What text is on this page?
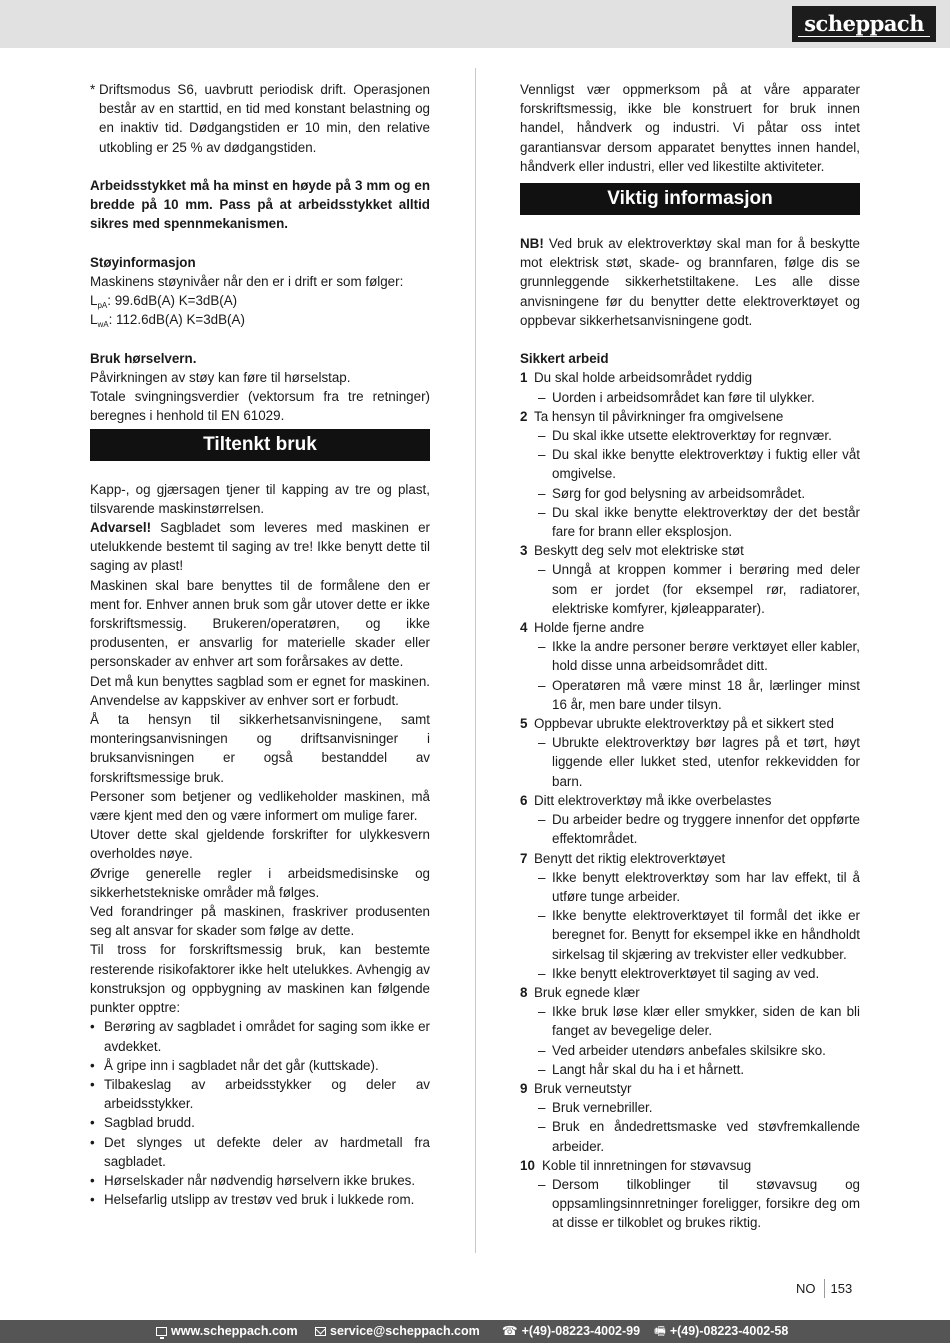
scheppach
* Driftsmodus S6, uavbrutt periodisk drift. Operasjonen består av en starttid, en tid med konstant belastning og en inaktiv tid. Dødgangstiden er 10 min, den relative utkobling er 25 % av dødgangstiden.
Arbeidsstykket må ha minst en høyde på 3 mm og en bredde på 10 mm. Pass på at arbeidsstykket alltid sikres med spennmekanismen.
Støyinformasjon
Maskinens støynivåer når den er i drift er som følger:
$L_{pA}$: 99.6dB(A) K=3dB(A)
$L_{wA}$: 112.6dB(A) K=3dB(A)
Bruk hørselvern.
Påvirkningen av støy kan føre til hørselstap.
Totale svingningsverdier (vektorsum fra tre retninger) beregnes i henhold til EN 61029.
Tiltenkt bruk
Kapp-, og gjærsagen tjener til kapping av tre og plast, tilsvarende maskinstørrelsen.
Advarsel! Sagbladet som leveres med maskinen er utelukkende bestemt til saging av tre! Ikke benytt dette til saging av plast!
Maskinen skal bare benyttes til de formålene den er ment for. Enhver annen bruk som går utover dette er ikke forskriftsmessig. Brukeren/operatøren, og ikke produsenten, er ansvarlig for materielle skader eller personskader av enhver art som forårsakes av dette.
Det må kun benyttes sagblad som er egnet for maskinen. Anvendelse av kappskiver av enhver sort er forbudt.
Å ta hensyn til sikkerhetsanvisningene, samt monteringsanvisningen og driftsanvisninger i bruksanvisningen er også bestanddel av forskriftsmessige bruk.
Personer som betjener og vedlikeholder maskinen, må være kjent med den og være informert om mulige farer.
Utover dette skal gjeldende forskrifter for ulykkesvern overholdes nøye.
Øvrige generelle regler i arbeidsmedisinske og sikkerhetstekniske områder må følges.
Ved forandringer på maskinen, fraskriver produsenten seg alt ansvar for skader som følge av dette.
Til tross for forskriftsmessig bruk, kan bestemte resterende risikofaktorer ikke helt utelukkes. Avhengig av konstruksjon og oppbygning av maskinen kan følgende punkter opptre:
• Berøring av sagbladet i området for saging som ikke er avdekket.
• Å gripe inn i sagbladet når det går (kuttskade).
• Tilbakeslag av arbeidsstykker og deler av arbeidsstykker.
• Sagblad brudd.
• Det slynges ut defekte deler av hardmetall fra sagbladet.
• Hørselskader når nødvendig hørselvern ikke brukes.
• Helsefarlig utslipp av trestøv ved bruk i lukkede rom.
Vennligst vær oppmerksom på at våre apparater forskriftsmessig, ikke ble konstruert for bruk innen handel, håndverk og industri. Vi påtar oss intet garantiansvar dersom apparatet benyttes innen handel, håndverk eller industri, eller ved likestilte aktiviteter.
Viktig informasjon
NB! Ved bruk av elektroverktøy skal man for å beskytte mot elektrisk støt, skade- og brannfaren, følge dis se grunnleggende sikkerhetstiltakene. Les alle disse anvisningene før du benytter dette elektroverktøyet og oppbevar sikkerhetsanvisningene godt.
Sikkert arbeid
1 Du skal holde arbeidsområdet ryddig
– Uorden i arbeidsområdet kan føre til ulykker.
2 Ta hensyn til påvirkninger fra omgivelsene
– Du skal ikke utsette elektroverktøy for regnvær.
– Du skal ikke benytte elektroverktøy i fuktig eller våt omgivelse.
– Sørg for god belysning av arbeidsområdet.
– Du skal ikke benytte elektroverktøy der det består fare for brann eller eksplosjon.
3 Beskytt deg selv mot elektriske støt
– Unngå at kroppen kommer i berøring med deler som er jordet (for eksempel rør, radiatorer, elektriske komfyrer, kjøleapparater).
4 Holde fjerne andre
– Ikke la andre personer berøre verktøyet eller kabler, hold disse unna arbeidsområdet ditt.
– Operatøren må være minst 18 år, lærlinger minst 16 år, men bare under tilsyn.
5 Oppbevar ubrukte elektroverktøy på et sikkert sted
– Ubrukte elektroverktøy bør lagres på et tørt, høyt liggende eller lukket sted, utenfor rekkevidden for barn.
6 Ditt elektroverktøy må ikke overbelastes
– Du arbeider bedre og tryggere innenfor det oppførte effektområdet.
7 Benytt det riktig elektroverktøyet
– Ikke benytt elektroverktøy som har lav effekt, til å utføre tunge arbeider.
– Ikke benytte elektroverktøyet til formål det ikke er beregnet for. Benytt for eksempel ikke en håndholdt sirkelsag til skjæring av trekvister eller vedkubber.
– Ikke benytt elektroverktøyet til saging av ved.
8 Bruk egnede klær
– Ikke bruk løse klær eller smykker, siden de kan bli fanget av bevegelige deler.
– Ved arbeider utendørs anbefales skilsikre sko.
– Langt hår skal du ha i et hårnett.
9 Bruk verneutstyr
– Bruk vernebriller.
– Bruk en åndedrettsmaske ved støvfremkallende arbeider.
10 Koble til innretningen for støvavsug
– Dersom tilkoblinger til støvavsug og oppsamlingsinnretninger foreligger, forsikre deg om at disse er tilkoblet og brukes riktig.
NO 153
www.scheppach.com	service@scheppach.com ☎ +(49)-08223-4002-99 🖷 +(49)-08223-4002-58
